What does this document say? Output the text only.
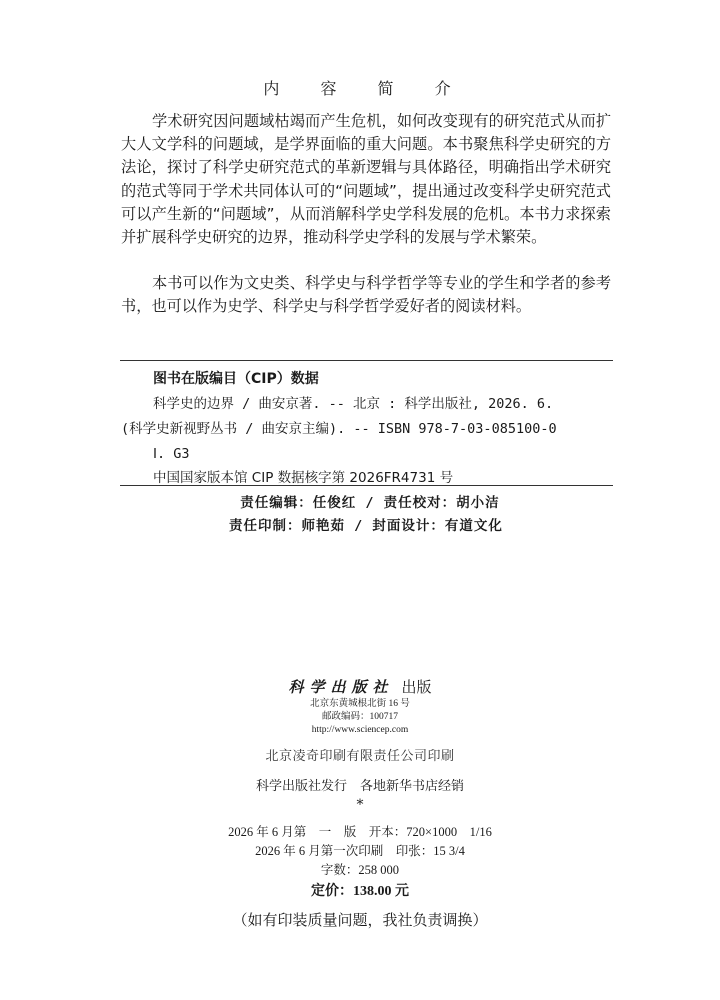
内 容 简 介

学术研究因问题域枯竭而产生危机，如何改变现有的研究范式从而扩大人文学科的问题域，是学界面临的重大问题。本书聚焦科学史研究的方法论，探讨了科学史研究范式的革新逻辑与具体路径，明确指出学术研究的范式等同于学术共同体认可的“问题域”，提出通过改变科学史研究范式可以产生新的“问题域”，从而消解科学史学科发展的危机。本书力求探索并扩展科学史研究的边界，推动科学史学科的发展与学术繁荣。

本书可以作为文史类、科学史与科学哲学等专业的学生和学者的参考书，也可以作为史学、科学史与科学哲学爱好者的阅读材料。

图书在版编目（CIP）数据
科学史的边界 / 曲安京著. -- 北京 : 科学出版社, 2026. 6.
(科学史新视野丛书 / 曲安京主编). -- ISBN 978-7-03-085100-0
Ⅰ. G3
中国国家版本馆 CIP 数据核字第 2026FR4731 号
责任编辑：任俊红 / 责任校对：胡小洁
责任印制：师艳茹 / 封面设计：有道文化
科学出版社 出版
北京东黄城根北街 16 号
邮政编码：100717
http://www.sciencep.com
北京凌奇印刷有限责任公司印刷
科学出版社发行　各地新华书店经销
*
2026 年 6 月第　一　版　开本：720×1000　1/16
2026 年 6 月第一次印刷　印张：15 3/4
字数：258 000
定价：138.00 元
（如有印装质量问题，我社负责调换）
